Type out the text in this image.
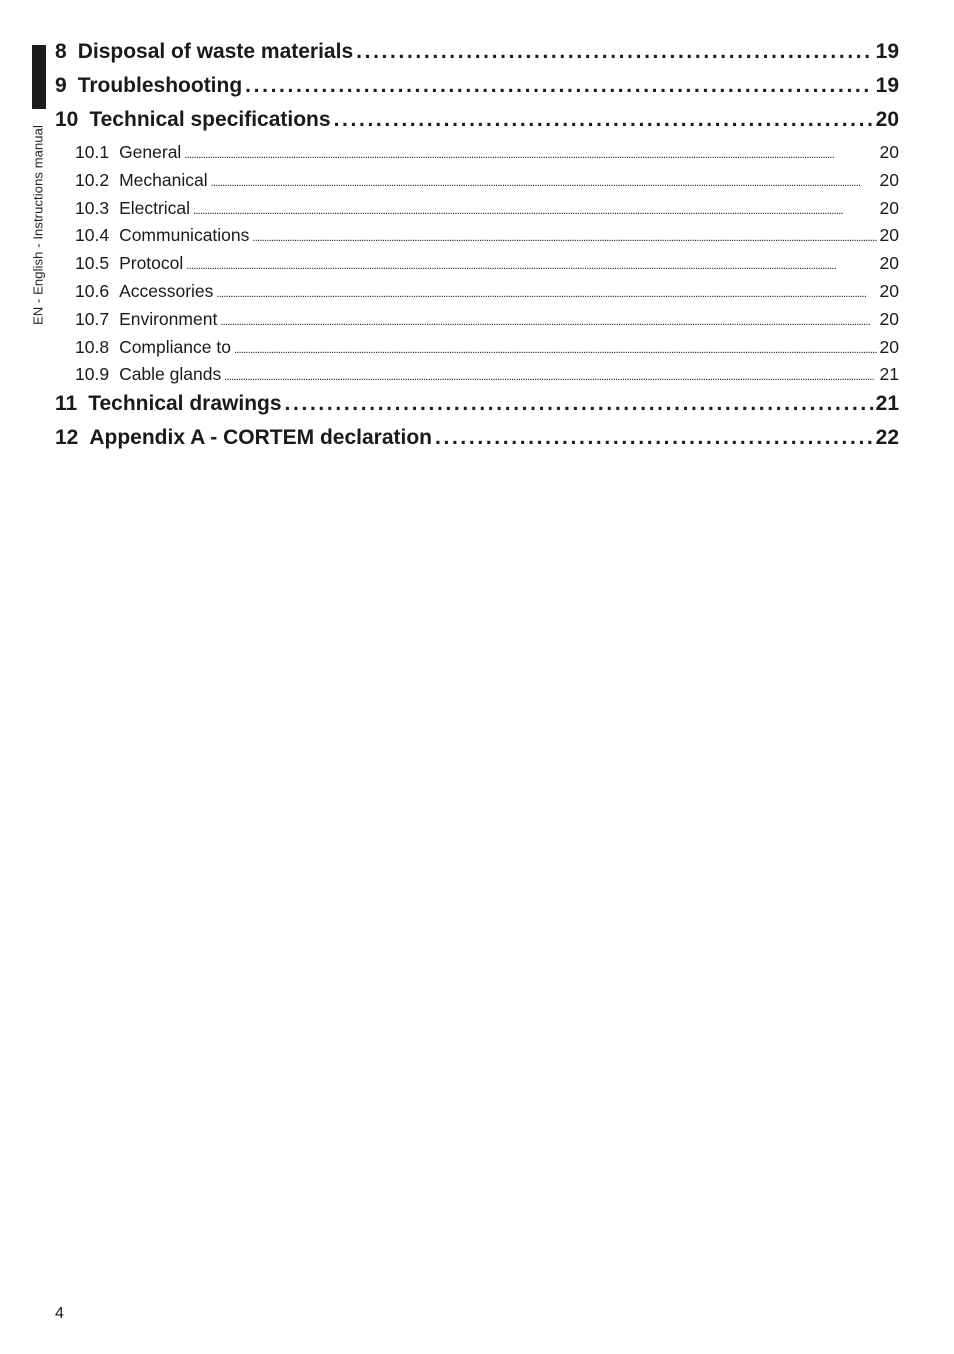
EN - English - Instructions manual
8 Disposal of waste materials . . .	19
9 Troubleshooting . . .	19
10 Technical specifications . . .	20
10.1 General . . .	20
10.2 Mechanical . . .	20
10.3 Electrical . . .	20
10.4 Communications . . .	20
10.5 Protocol . . .	20
10.6 Accessories . . .	20
10.7 Environment . . .	20
10.8 Compliance to . . .	20
10.9 Cable glands . . .	21
11 Technical drawings . . .	21
12 Appendix A - CORTEM declaration . . .	22
4
